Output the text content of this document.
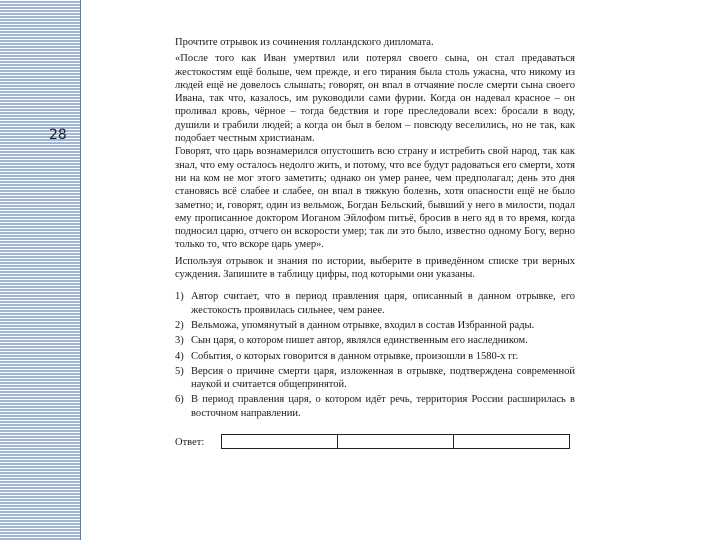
28

Прочтите отрывок из сочинения голландского дипломата.

«После того как Иван умертвил или потерял своего сына, он стал предаваться жестокостям ещё больше, чем прежде, и его тирания была столь ужасна, что никому из людей ещё не довелось слышать; говорят, он впал в отчаяние после смерти сына своего Ивана, так что, казалось, им руководили сами фурии. Когда он надевал красное – он проливал кровь, чёрное – тогда бедствия и горе преследовали всех: бросали в воду, душили и грабили людей; а когда он был в белом – повсюду веселились, но не так, как подобает честным христианам.

Говорят, что царь вознамерился опустошить всю страну и истребить свой народ, так как знал, что ему осталось недолго жить, и потому, что все будут радоваться его смерти, хотя ни на ком не мог этого заметить; однако он умер ранее, чем предполагал; день это дня становясь всё слабее и слабее, он впал в тяжкую болезнь, хотя опасности ещё не было заметно; и, говорят, один из вельмож, Богдан Бельский, бывший у него в милости, подал ему прописанное доктором Иоганом Эйлофом питьё, бросив в него яд в то время, когда подносил царю, отчего он вскорости умер; так ли это было, известно одному Богу, верно только то, что вскоре царь умер».

Используя отрывок и знания по истории, выберите в приведённом списке три верных суждения. Запишите в таблицу цифры, под которыми они указаны.

1) Автор считает, что в период правления царя, описанный в данном отрывке, его жестокость проявилась сильнее, чем ранее.
2) Вельможа, упомянутый в данном отрывке, входил в состав Избранной рады.
3) Сын царя, о котором пишет автор, являлся единственным его наследником.
4) События, о которых говорится в данном отрывке, произошли в 1580-х гг.
5) Версия о причине смерти царя, изложенная в отрывке, подтверждена современной наукой и считается общепринятой.
6) В период правления царя, о котором идёт речь, территория России расширилась в восточном направлении.
Ответ:
